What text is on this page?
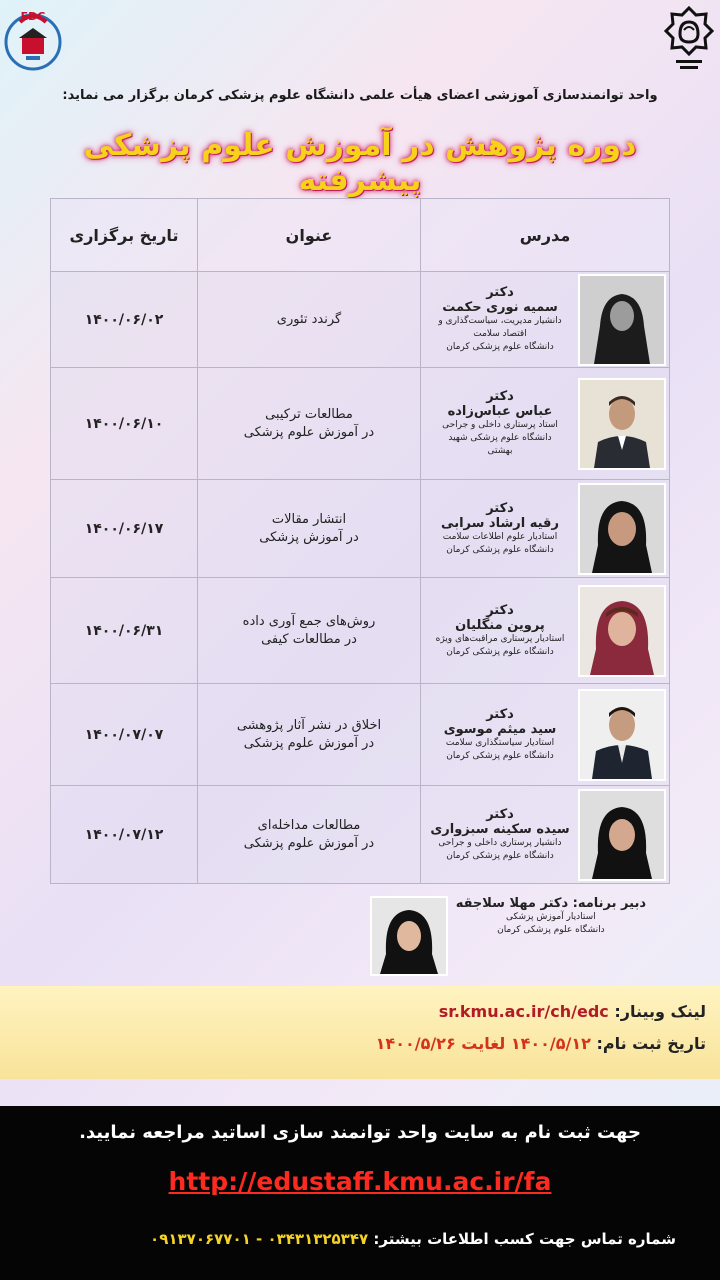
EDC
واحد توانمندسازی آموزشی اعضای هیأت علمی دانشگاه علوم پزشکی کرمان برگزار می نماید:
دوره پژوهش در آموزش علوم پزشکی پیشرفته
مدرس	عنوان	تاریخ برگزاری

دکتر
سمیه نوری حکمت
دانشیار مدیریت، سیاست‌گذاری و
اقتصاد سلامت
دانشگاه علوم پزشکی کرمان	گرندد تئوری	۱۴۰۰/۰۶/۰۲

دکتر
عباس عباس‌زاده
استاد پرستاری داخلی و جراحی
دانشگاه علوم پزشکی شهید
بهشتی	مطالعات ترکیبی
در آموزش علوم پزشکی	۱۴۰۰/۰۶/۱۰

دکتر
رقیه ارشاد سرابی
استادیار علوم اطلاعات سلامت
دانشگاه علوم پزشکی کرمان	انتشار مقالات
در آموزش پزشکی	۱۴۰۰/۰۶/۱۷

دکتر
پروین منگلیان
استادیار پرستاری مراقبت‌های ویژه
دانشگاه علوم پزشکی کرمان	روش‌های جمع آوری داده
در مطالعات کیفی	۱۴۰۰/۰۶/۳۱

دکتر
سید میثم موسوی
استادیار سیاستگذاری سلامت
دانشگاه علوم پزشکی کرمان	اخلاق در نشر آثار پژوهشی
در آموزش علوم پزشکی	۱۴۰۰/۰۷/۰۷

دکتر
سیده سکینه سبزواری
دانشیار پرستاری داخلی و جراحی
دانشگاه علوم پزشکی کرمان	مطالعات مداخله‌ای
در آموزش علوم پزشکی	۱۴۰۰/۰۷/۱۲
دبیر برنامه: دکتر مهلا سلاجقه
استادیار آموزش پزشکی
دانشگاه علوم پزشکی کرمان
لینک وبینار: sr.kmu.ac.ir/ch/edc
تاریخ ثبت نام: ۱۴۰۰/۵/۱۲ لغایت ۱۴۰۰/۵/۲۶
جهت ثبت نام به سایت واحد توانمند سازی اساتید مراجعه نمایید.
http://edustaff.kmu.ac.ir/fa
شماره تماس جهت کسب اطلاعات بیشتر: ۰۳۴۳۱۳۲۵۳۴۷ - ۰۹۱۳۷۰۶۷۷۰۱
